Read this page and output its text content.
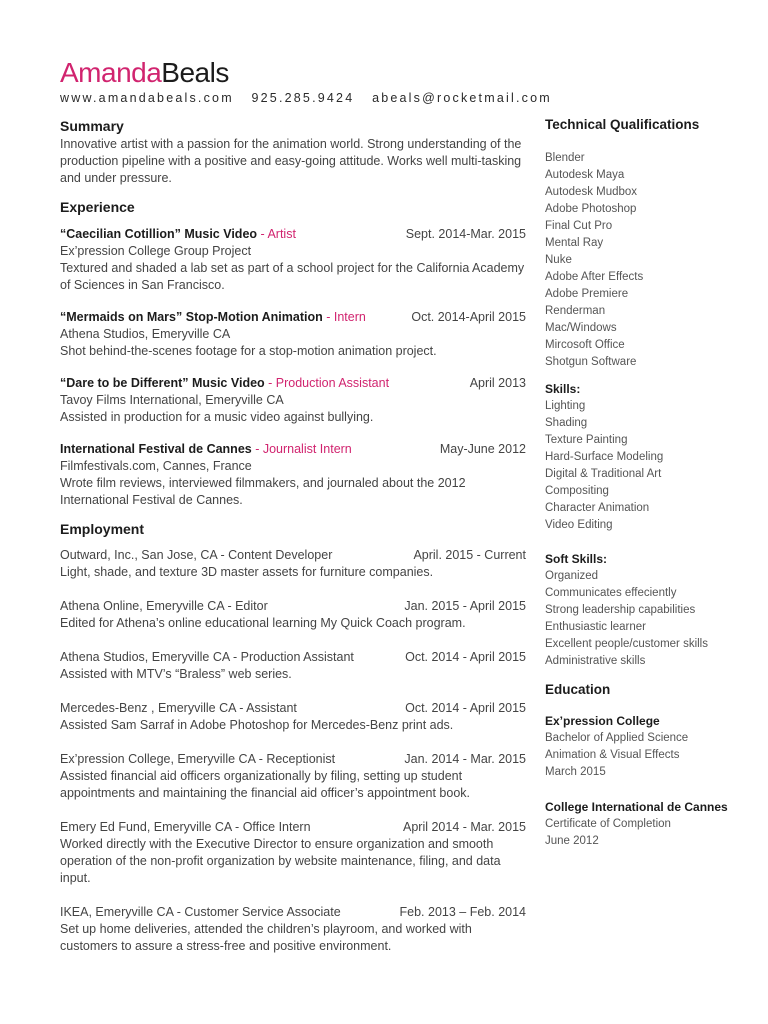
AmandaBeals
www.amandabeals.com 925.285.9424 abeals@rocketmail.com
Summary
Innovative artist with a passion for the animation world. Strong understanding of the production pipeline with a positive and easy-going attitude. Works well multi-tasking and under pressure.
Experience
“Caecilian Cotillion” Music Video - Artist	Sept. 2014-Mar. 2015
Ex’pression College Group Project
Textured and shaded a lab set as part of a school project for the California Academy of Sciences in San Francisco.
“Mermaids on Mars” Stop-Motion Animation - Intern	Oct. 2014-April 2015
Athena Studios, Emeryville CA
Shot behind-the-scenes footage for a stop-motion animation project.
“Dare to be Different” Music Video - Production Assistant	April 2013
Tavoy Films International, Emeryville CA
Assisted in production for a music video against bullying.
International Festival de Cannes - Journalist Intern	May-June 2012
Filmfestivals.com, Cannes, France
Wrote film reviews, interviewed filmmakers, and journaled about the 2012 International Festival de Cannes.
Employment
Outward, Inc., San Jose, CA - Content Developer	April. 2015 - Current
Light, shade, and texture 3D master assets for furniture companies.
Athena Online, Emeryville CA - Editor	Jan. 2015 - April 2015
Edited for Athena’s online educational learning My Quick Coach program.
Athena Studios, Emeryville CA - Production Assistant	Oct. 2014 - April 2015
Assisted with MTV’s “Braless” web series.
Mercedes-Benz , Emeryville CA - Assistant	Oct. 2014 - April 2015
Assisted Sam Sarraf in Adobe Photoshop for Mercedes-Benz print ads.
Ex’pression College, Emeryville CA - Receptionist	Jan. 2014 - Mar. 2015
Assisted financial aid officers organizationally by filing, setting up student appointments and maintaining the financial aid officer’s appointment book.
Emery Ed Fund, Emeryville CA - Office Intern	April 2014 - Mar. 2015
Worked directly with the Executive Director to ensure organization and smooth operation of the non-profit organization by website maintenance, filing, and data input.
IKEA, Emeryville CA - Customer Service Associate	Feb. 2013 – Feb. 2014
Set up home deliveries, attended the children’s playroom, and worked with customers to assure a stress-free and positive environment.
Technical Qualifications
Blender
Autodesk Maya
Autodesk Mudbox
Adobe Photoshop
Final Cut Pro
Mental Ray
Nuke
Adobe After Effects
Adobe Premiere
Renderman
Mac/Windows
Mircosoft Office
Shotgun Software
Skills:
Lighting
Shading
Texture Painting
Hard-Surface Modeling
Digital & Traditional Art
Compositing
Character Animation
Video Editing
Soft Skills:
Organized
Communicates effeciently
Strong leadership capabilities
Enthusiastic learner
Excellent people/customer skills
Administrative skills
Education
Ex’pression College
Bachelor of Applied Science
Animation & Visual Effects
March 2015
College International de Cannes
Certificate of Completion
June 2012
